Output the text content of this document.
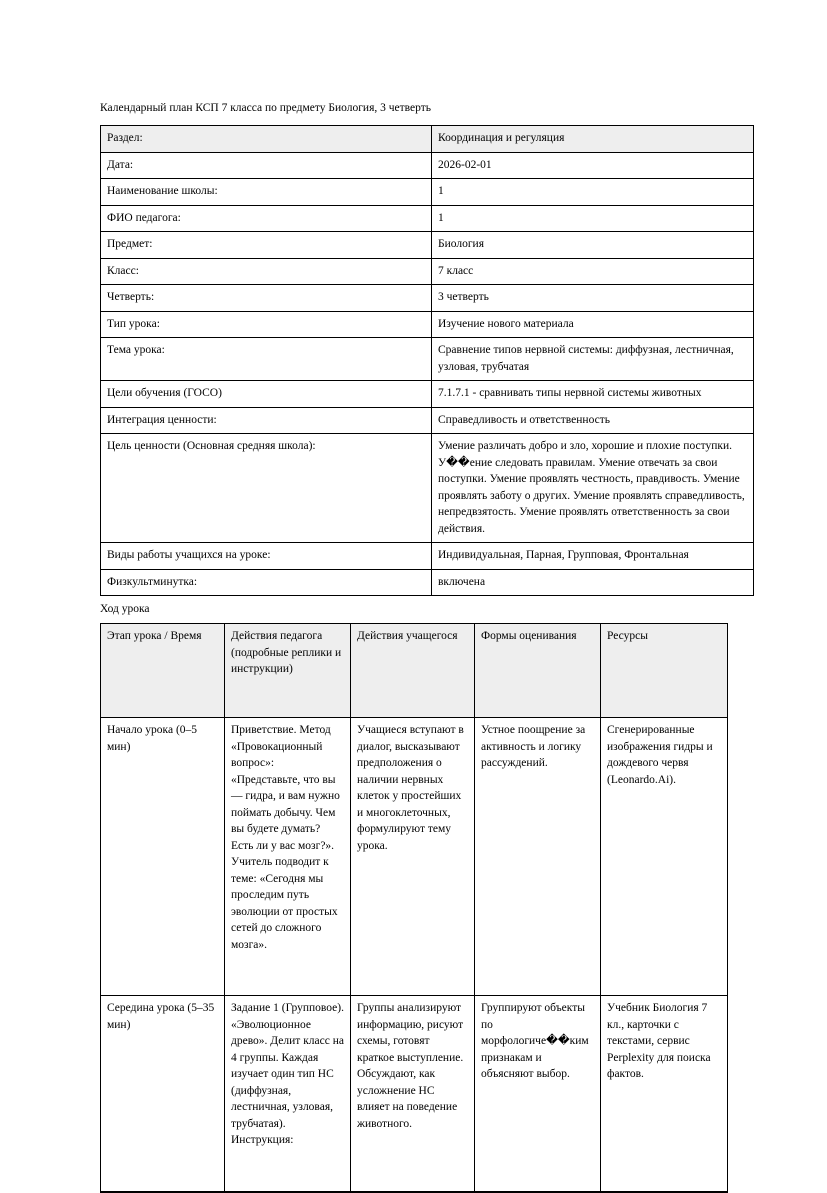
Календарный план КСП 7 класса по предмету Биология, 3 четверть
Раздел:	Координация и регуляция
Дата:	2026-02-01
Наименование школы:	1
ФИО педагога:	1
Предмет:	Биология
Класс:	7 класс
Четверть:	3 четверть
Тип урока:	Изучение нового материала
Тема урока:	Сравнение типов нервной системы: диффузная, лестничная, узловая, трубчатая
Цели обучения (ГОСО)	7.1.7.1 - сравнивать типы нервной системы животных
Интеграция ценности:	Справедливость и ответственность
Цель ценности (Основная средняя школа):	Умение различать добро и зло, хорошие и плохие поступки. У��ение следовать правилам. Умение отвечать за свои поступки. Умение проявлять честность, правдивость. Умение проявлять заботу о других. Умение проявлять справедливость, непредвзятость. Умение проявлять ответственность за свои действия.
Виды работы учащихся на уроке:	Индивидуальная, Парная, Групповая, Фронтальная
Физкультминутка:	включена
Ход урока
Этап урока / Время	Действия педагога (подробные реплики и инструкции)	Действия учащегося	Формы оценивания	Ресурсы
Начало урока (0–5 мин)	Приветствие. Метод «Провокационный вопрос»: «Представьте, что вы — гидра, и вам нужно поймать добычу. Чем вы будете думать? Есть ли у вас мозг?». Учитель подводит к теме: «Сегодня мы проследим путь эволюции от простых сетей до сложного мозга».	Учащиеся вступают в диалог, высказывают предположения о наличии нервных клеток у простейших и многоклеточных, формулируют тему урока.	Устное поощрение за активность и логику рассуждений.	Сгенерированные изображения гидры и дождевого червя (Leonardo.Ai).
Середина урока (5–35 мин)	Задание 1 (Групповое). «Эволюционное древо». Делит класс на 4 группы. Каждая изучает один тип НС (диффузная, лестничная, узловая, трубчатая). Инструкция:	Группы анализируют информацию, рисуют схемы, готовят краткое выступление. Обсуждают, как усложнение НС влияет на поведение животного.	Группируют объекты по морфологиче��ким признакам и объясняют выбор.	Учебник Биология 7 кл., карточки с текстами, сервис Perplexity для поиска фактов.
